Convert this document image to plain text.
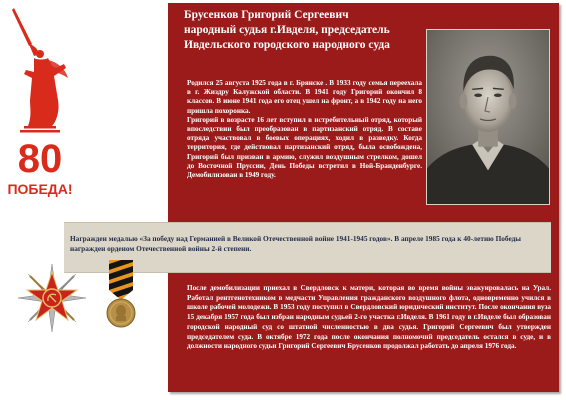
80
ПОБЕДА!
Брусенков Григорий Сергеевич
народный судья г.Ивделя, председатель
Ивдельского городского народного суда

Родился 25 августа 1925 года в г. Брянске . В 1933 году семья переехала в г. Жиздру Калужской области. В 1941 году Григорий окончил 8 классов. В июне 1941 года его отец ушел на фронт, а в 1942 году на него пришла похоронка.

Григорий в возрасте 16 лет вступил в истребительный отряд, который впоследствии был преобразован в партизанский отряд. В составе отряда участвовал в боевых операциях, ходил в разведку. Когда территория, где действовал партизанский отряд, была освобождена, Григорий был призван в армию, служил воздушным стрелком, дошел до Восточной Пруссии, День Победы встретил в Ной-Бранденбурге. Демобилизован в 1949 году.

Награжден медалью «За победу над Германией в Великой Отечественной войне 1941-1945 годов». В апреле 1985 года к 40-летию Победы награжден орденом Отечественной войны 2-й степени.
После демобилизации приехал в Свердловск к матери, которая во время войны эвакуировалась на Урал. Работал рентгенотехником в медчасти Управления гражданского воздушного флота, одновременно учился в школе рабочей молодежи. В 1953 году поступил в Свердловский юридический институт. После окончания вуза 15 декабря 1957 года был избран народным судьей 2-го участка г.Ивделя. В 1961 году в г.Ивделе был образован городской народный суд со штатной численностью в два судья. Григорий Сергеевич был утвержден председателем суда. В октябре 1972 года после окончания полномочий председатель остался в суде, и в должности народного судьи Григорий Сергеевич Брусенков продолжал работать до апреля 1976 года.
